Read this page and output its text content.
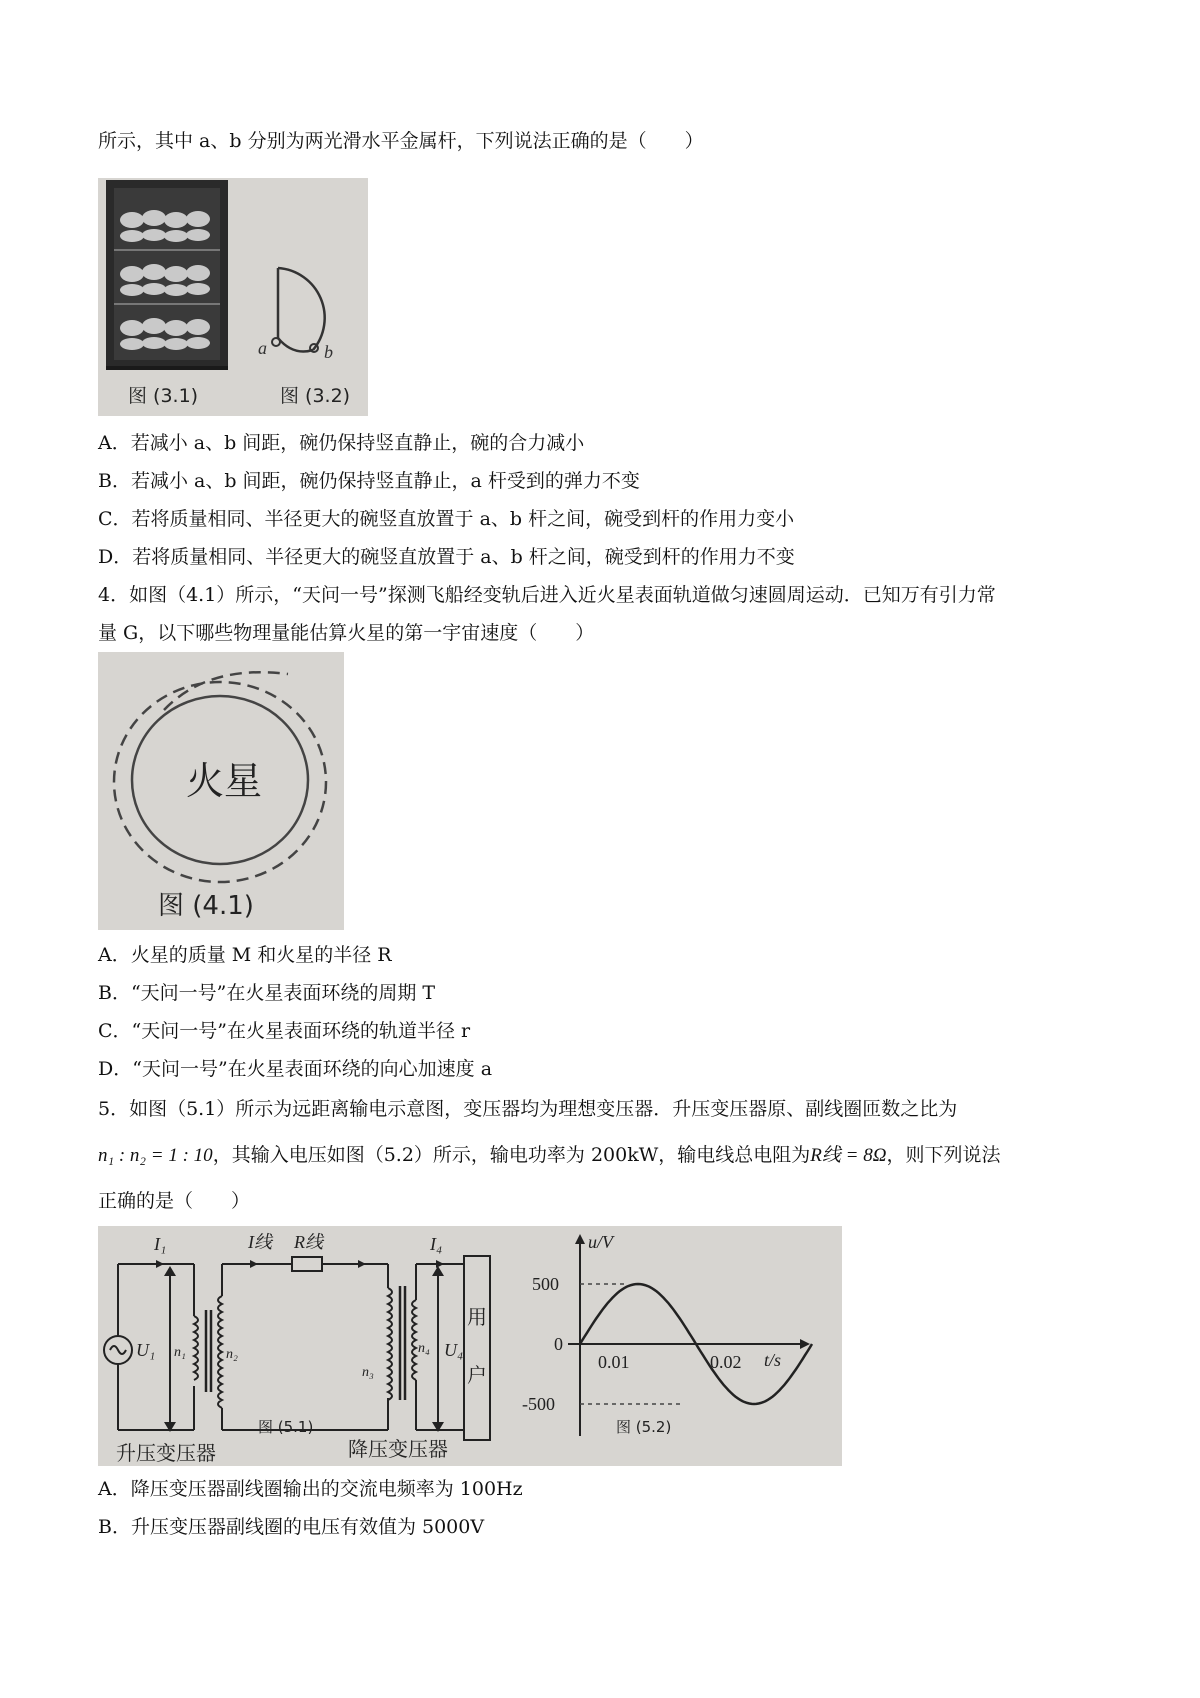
所示，其中 a、b 分别为两光滑水平金属杆，下列说法正确的是（　　）
a	b
图 (3.1)	图 (3.2)
A．若减小 a、b 间距，碗仍保持竖直静止，碗的合力减小
B．若减小 a、b 间距，碗仍保持竖直静止，a 杆受到的弹力不变
C．若将质量相同、半径更大的碗竖直放置于 a、b 杆之间，碗受到杆的作用力变小
D．若将质量相同、半径更大的碗竖直放置于 a、b 杆之间，碗受到杆的作用力不变
4．如图（4.1）所示，“天问一号”探测飞船经变轨后进入近火星表面轨道做匀速圆周运动．已知万有引力常
量 G，以下哪些物理量能估算火星的第一宇宙速度（　　）
火星
图 (4.1)
A．火星的质量 M 和火星的半径 R
B．“天问一号”在火星表面环绕的周期 T
C．“天问一号”在火星表面环绕的轨道半径 r
D．“天问一号”在火星表面环绕的向心加速度 a
5．如图（5.1）所示为远距离输电示意图，变压器均为理想变压器．升压变压器原、副线圈匝数之比为
n₁ : n₂ = 1 : 10，其输入电压如图（5.2）所示，输电功率为 200kW，输电线总电阻为R线 = 8Ω，则下列说法
正确的是（　　）
I₁	I线 R线	I₄
U₁ n₁	n₂
n₃
n₄ U₄
用
户
升压变压器	降压变压器
u/V
t/s
500
0
-500
0.01	0.02
图 (5.1)	图 (5.2)
A．降压变压器副线圈输出的交流电频率为 100Hz
B．升压变压器副线圈的电压有效值为 5000V
